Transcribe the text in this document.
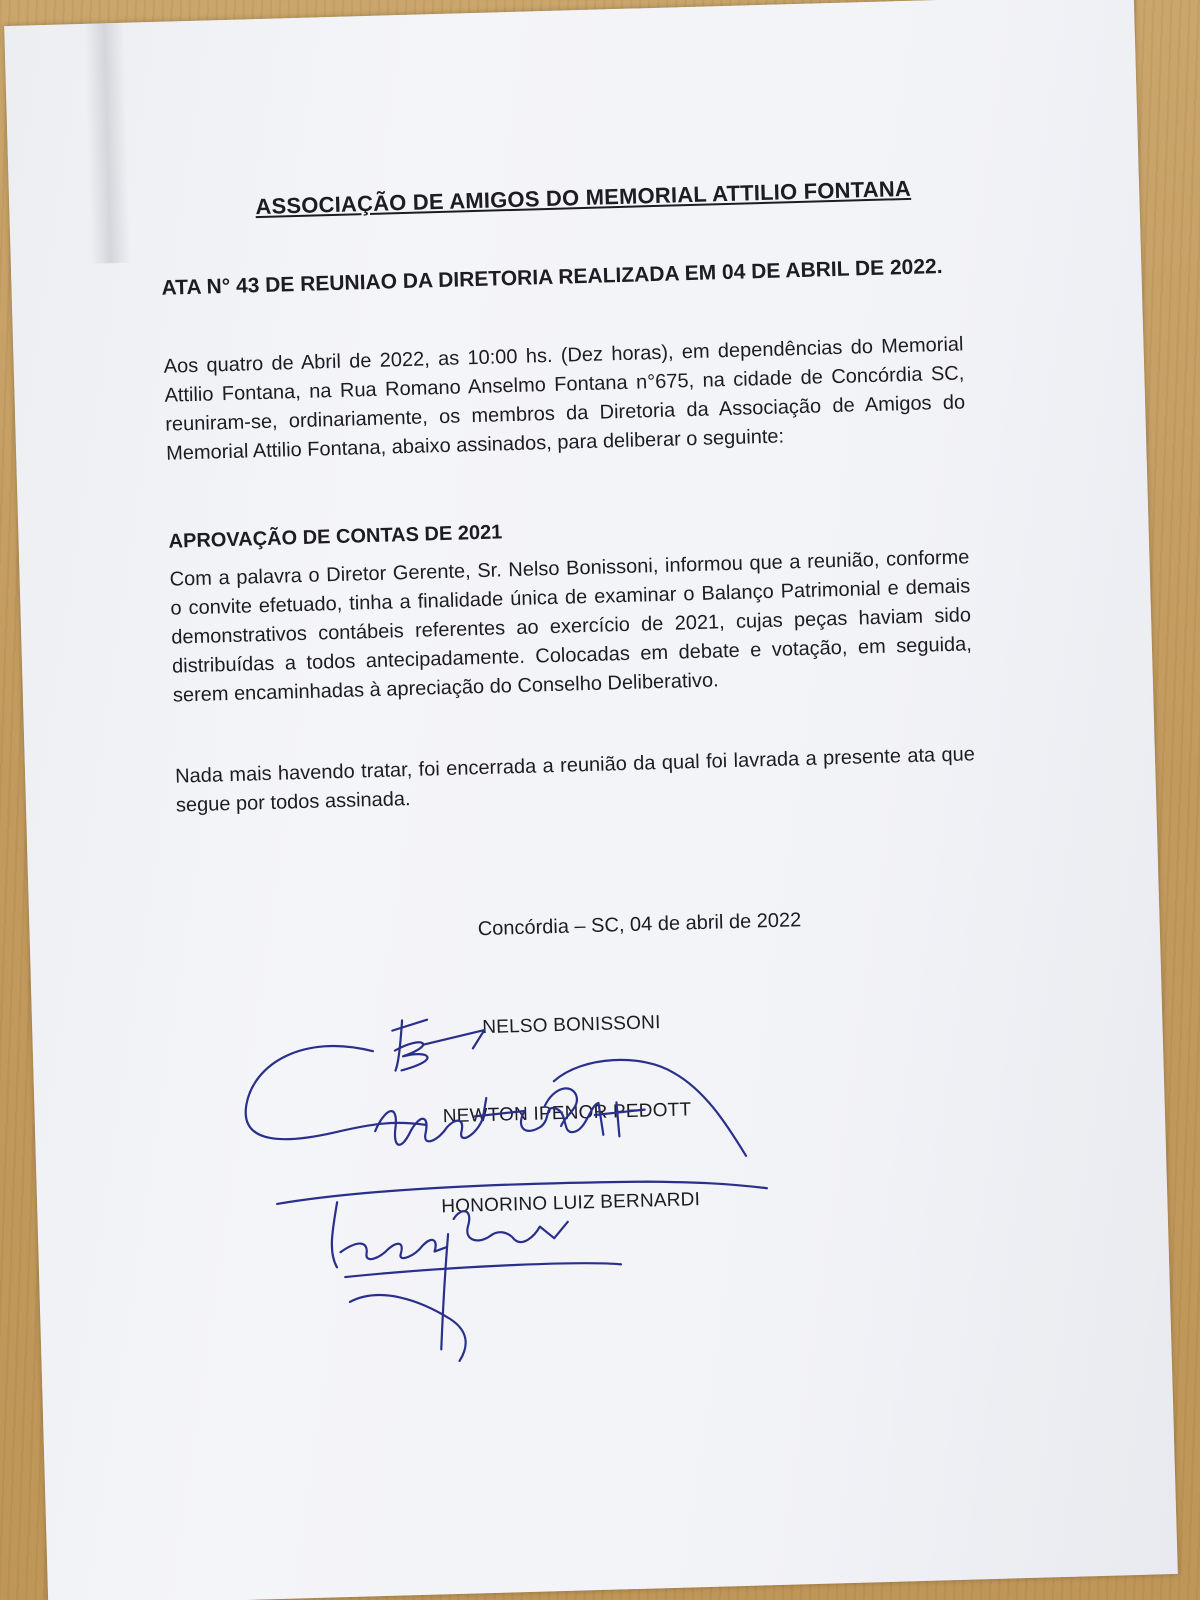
ASSOCIAÇÃO DE AMIGOS DO MEMORIAL ATTILIO FONTANA
ATA N° 43 DE REUNIAO DA DIRETORIA REALIZADA EM 04 DE ABRIL DE 2022.

Aos quatro de Abril de 2022, as 10:00 hs. (Dez horas), em dependências do Memorial Attilio Fontana, na Rua Romano Anselmo Fontana n°675, na cidade de Concórdia SC, reuniram-se, ordinariamente, os membros da Diretoria da Associação de Amigos do Memorial Attilio Fontana, abaixo assinados, para deliberar o seguinte:

APROVAÇÃO DE CONTAS DE 2021

Com a palavra o Diretor Gerente, Sr. Nelso Bonissoni, informou que a reunião, conforme o convite efetuado, tinha a finalidade única de examinar o Balanço Patrimonial e demais demonstrativos contábeis referentes ao exercício de 2021, cujas peças haviam sido distribuídas a todos antecipadamente. Colocadas em debate e votação, em seguida, serem encaminhadas à apreciação do Conselho Deliberativo.

Nada mais havendo tratar, foi encerrada a reunião da qual foi lavrada a presente ata que segue por todos assinada.

Concórdia – SC, 04 de abril de 2022
NELSO BONISSONI
NEWTON IPENOR PEDOTT
HONORINO LUIZ BERNARDI
